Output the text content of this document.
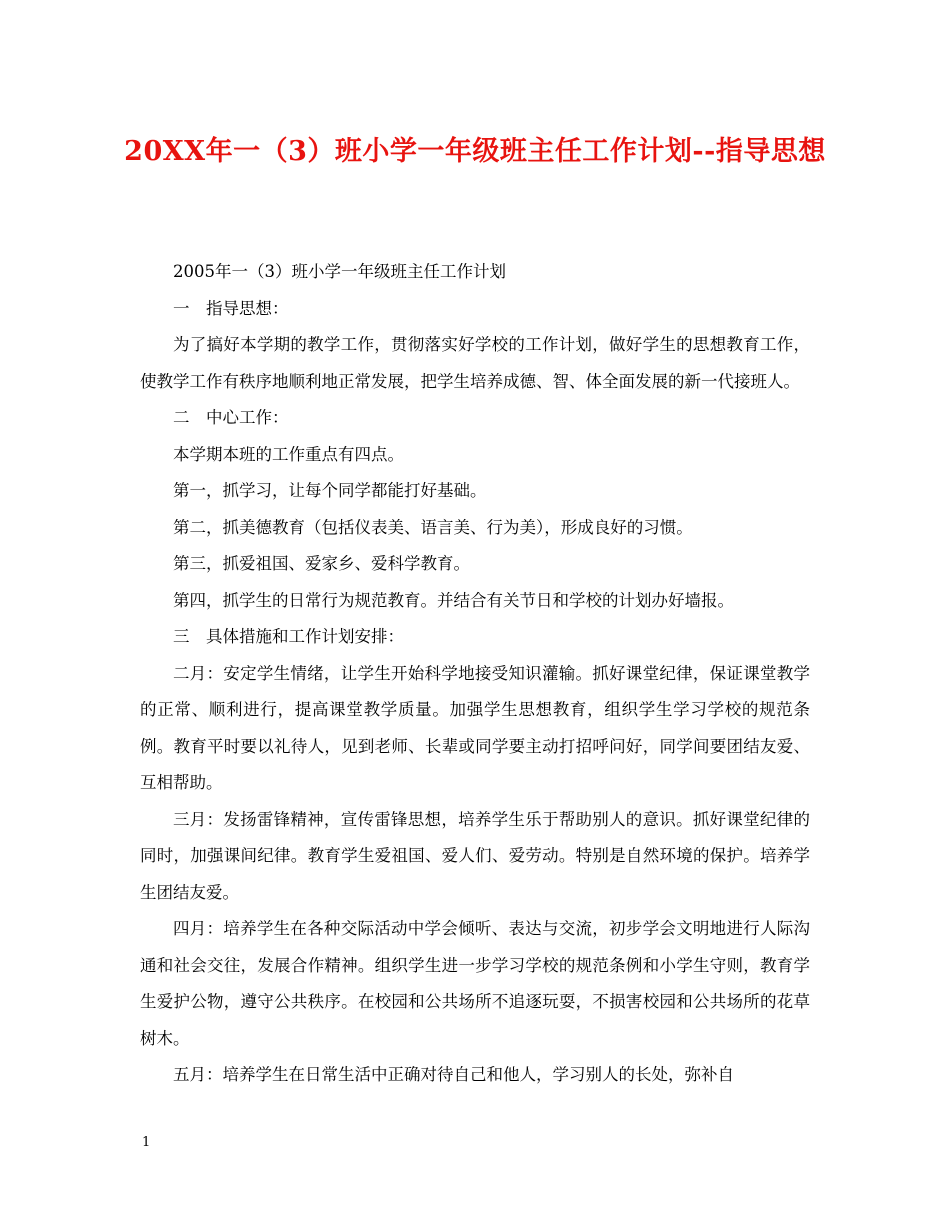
20XX年一（3）班小学一年级班主任工作计划--指导思想

2005年一（3）班小学一年级班主任工作计划

一　指导思想：

为了搞好本学期的教学工作，贯彻落实好学校的工作计划，做好学生的思想教育工作，使教学工作有秩序地顺利地正常发展，把学生培养成德、智、体全面发展的新一代接班人。

二　中心工作：

本学期本班的工作重点有四点。

第一，抓学习，让每个同学都能打好基础。

第二，抓美德教育（包括仪表美、语言美、行为美），形成良好的习惯。

第三，抓爱祖国、爱家乡、爱科学教育。

第四，抓学生的日常行为规范教育。并结合有关节日和学校的计划办好墙报。

三　具体措施和工作计划安排：

二月：安定学生情绪，让学生开始科学地接受知识灌输。抓好课堂纪律，保证课堂教学的正常、顺利进行，提高课堂教学质量。加强学生思想教育，组织学生学习学校的规范条例。教育平时要以礼待人，见到老师、长辈或同学要主动打招呼问好，同学间要团结友爱、互相帮助。

三月：发扬雷锋精神，宣传雷锋思想，培养学生乐于帮助别人的意识。抓好课堂纪律的同时，加强课间纪律。教育学生爱祖国、爱人们、爱劳动。特别是自然环境的保护。培养学生团结友爱。

四月：培养学生在各种交际活动中学会倾听、表达与交流，初步学会文明地进行人际沟通和社会交往，发展合作精神。组织学生进一步学习学校的规范条例和小学生守则，教育学生爱护公物，遵守公共秩序。在校园和公共场所不追逐玩耍，不损害校园和公共场所的花草树木。

五月：培养学生在日常生活中正确对待自己和他人，学习别人的长处，弥补自

1
